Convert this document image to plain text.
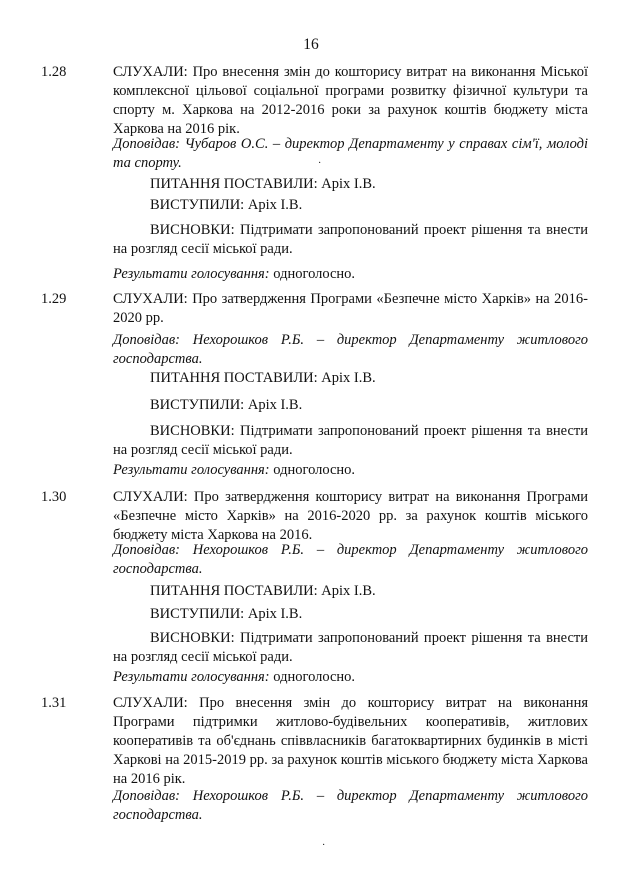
16
1.28	СЛУХАЛИ: Про внесення змін до кошторису витрат на виконання Міської комплексної цільової соціальної програми розвитку фізичної культури та спорту м. Харкова на 2012-2016 роки за рахунок коштів бюджету міста Харкова на 2016 рік.
Доповідав: Чубаров О.С. – директор Департаменту у справах сім'ї, молоді та спорту.
ПИТАННЯ ПОСТАВИЛИ: Аріх І.В.
ВИСТУПИЛИ: Аріх І.В.
ВИСНОВКИ: Підтримати запропонований проект рішення та внести на розгляд сесії міської ради.
Результати голосування: одноголосно.
1.29	СЛУХАЛИ: Про затвердження Програми «Безпечне місто Харків» на 2016-2020 рр.
Доповідав: Нехорошков Р.Б. – директор Департаменту житлового господарства.
ПИТАННЯ ПОСТАВИЛИ: Аріх І.В.
ВИСТУПИЛИ: Аріх І.В.
ВИСНОВКИ: Підтримати запропонований проект рішення та внести на розгляд сесії міської ради.
Результати голосування: одноголосно.
1.30	СЛУХАЛИ: Про затвердження кошторису витрат на виконання Програми «Безпечне місто Харків» на 2016-2020 рр. за рахунок коштів міського бюджету міста Харкова на 2016.
Доповідав: Нехорошков Р.Б. – директор Департаменту житлового господарства.
ПИТАННЯ ПОСТАВИЛИ: Аріх І.В.
ВИСТУПИЛИ: Аріх І.В.
ВИСНОВКИ: Підтримати запропонований проект рішення та внести на розгляд сесії міської ради.
Результати голосування: одноголосно.
1.31	СЛУХАЛИ: Про внесення змін до кошторису витрат на виконання Програми підтримки житлово-будівельних кооперативів, житлових кооперативів та об'єднань співвласників багатоквартирних будинків в місті Харкові на 2015-2019 рр. за рахунок коштів міського бюджету міста Харкова на 2016 рік.
Доповідав: Нехорошков Р.Б. – директор Департаменту житлового господарства.
·
·
